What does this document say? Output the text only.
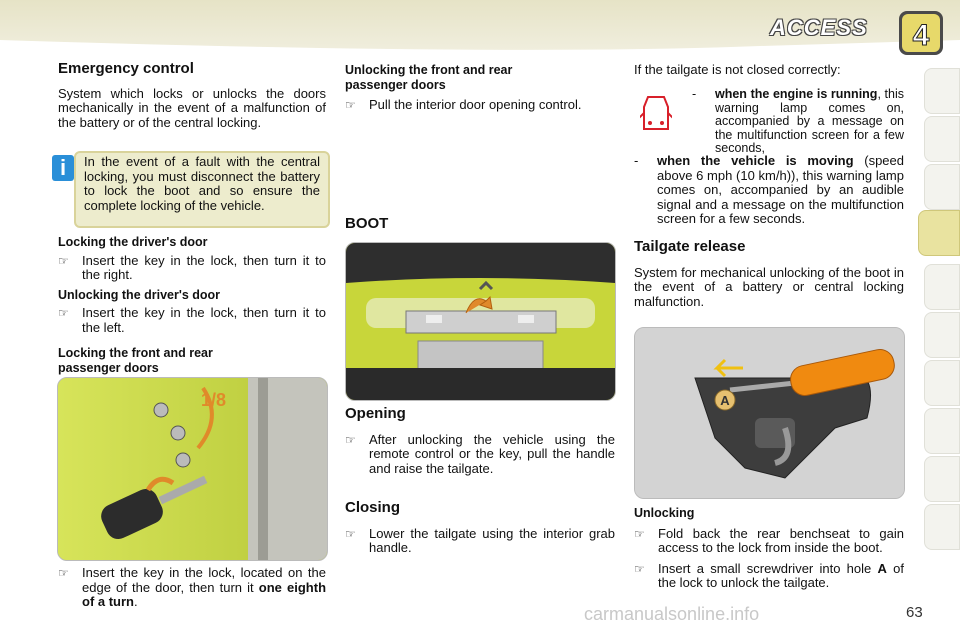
ACCESS 4
Emergency control
System which locks or unlocks the doors mechanically in the event of a malfunction of the battery or of the central locking.
i	In the event of a fault with the central locking, you must disconnect the battery to lock the boot and so ensure the complete locking of the vehicle.
Locking the driver's door
☞ Insert the key in the lock, then turn it to the right.
Unlocking the driver's door
☞ Insert the key in the lock, then turn it to the left.
Locking the front and rear passenger doors
1/8
☞ Insert the key in the lock, located on the edge of the door, then turn it one eighth of a turn.
Unlocking the front and rear passenger doors
☞ Pull the interior door opening control.
BOOT
Opening
☞ After unlocking the vehicle using the remote control or the key, pull the handle and raise the tailgate.
Closing
☞ Lower the tailgate using the interior grab handle.
If the tailgate is not closed correctly:
- when the engine is running, this warning lamp comes on, accompanied by a message on the multifunction screen for a few seconds,
- when the vehicle is moving (speed above 6 mph (10 km/h)), this warning lamp comes on, accompanied by an audible signal and a message on the multifunction screen for a few seconds.
Tailgate release
System for mechanical unlocking of the boot in the event of a battery or central locking malfunction.
A
Unlocking
☞ Fold back the rear benchseat to gain access to the lock from inside the boot.
☞ Insert a small screwdriver into hole A of the lock to unlock the tailgate.
carmanualsonline.info	63
